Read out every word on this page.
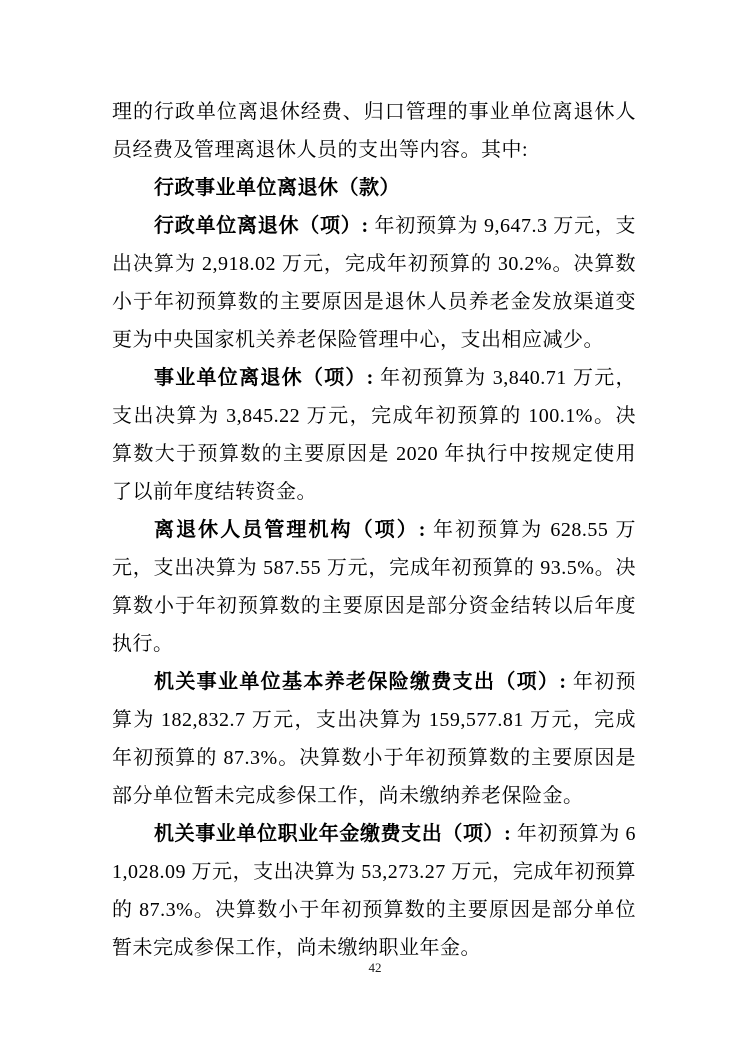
理的行政单位离退休经费、归口管理的事业单位离退休人员经费及管理离退休人员的支出等内容。其中:

行政事业单位离退休（款）

行政单位离退休（项）: 年初预算为 9,647.3 万元，支出决算为 2,918.02 万元，完成年初预算的 30.2%。决算数小于年初预算数的主要原因是退休人员养老金发放渠道变更为中央国家机关养老保险管理中心，支出相应减少。

事业单位离退休（项）: 年初预算为 3,840.71 万元，支出决算为 3,845.22 万元，完成年初预算的 100.1%。决算数大于预算数的主要原因是 2020 年执行中按规定使用了以前年度结转资金。

离退休人员管理机构（项）: 年初预算为 628.55 万元，支出决算为 587.55 万元，完成年初预算的 93.5%。决算数小于年初预算数的主要原因是部分资金结转以后年度执行。

机关事业单位基本养老保险缴费支出（项）: 年初预算为 182,832.7 万元，支出决算为 159,577.81 万元，完成年初预算的 87.3%。决算数小于年初预算数的主要原因是部分单位暂未完成参保工作，尚未缴纳养老保险金。

机关事业单位职业年金缴费支出（项）: 年初预算为 61,028.09 万元，支出决算为 53,273.27 万元，完成年初预算的 87.3%。决算数小于年初预算数的主要原因是部分单位暂未完成参保工作，尚未缴纳职业年金。

42
